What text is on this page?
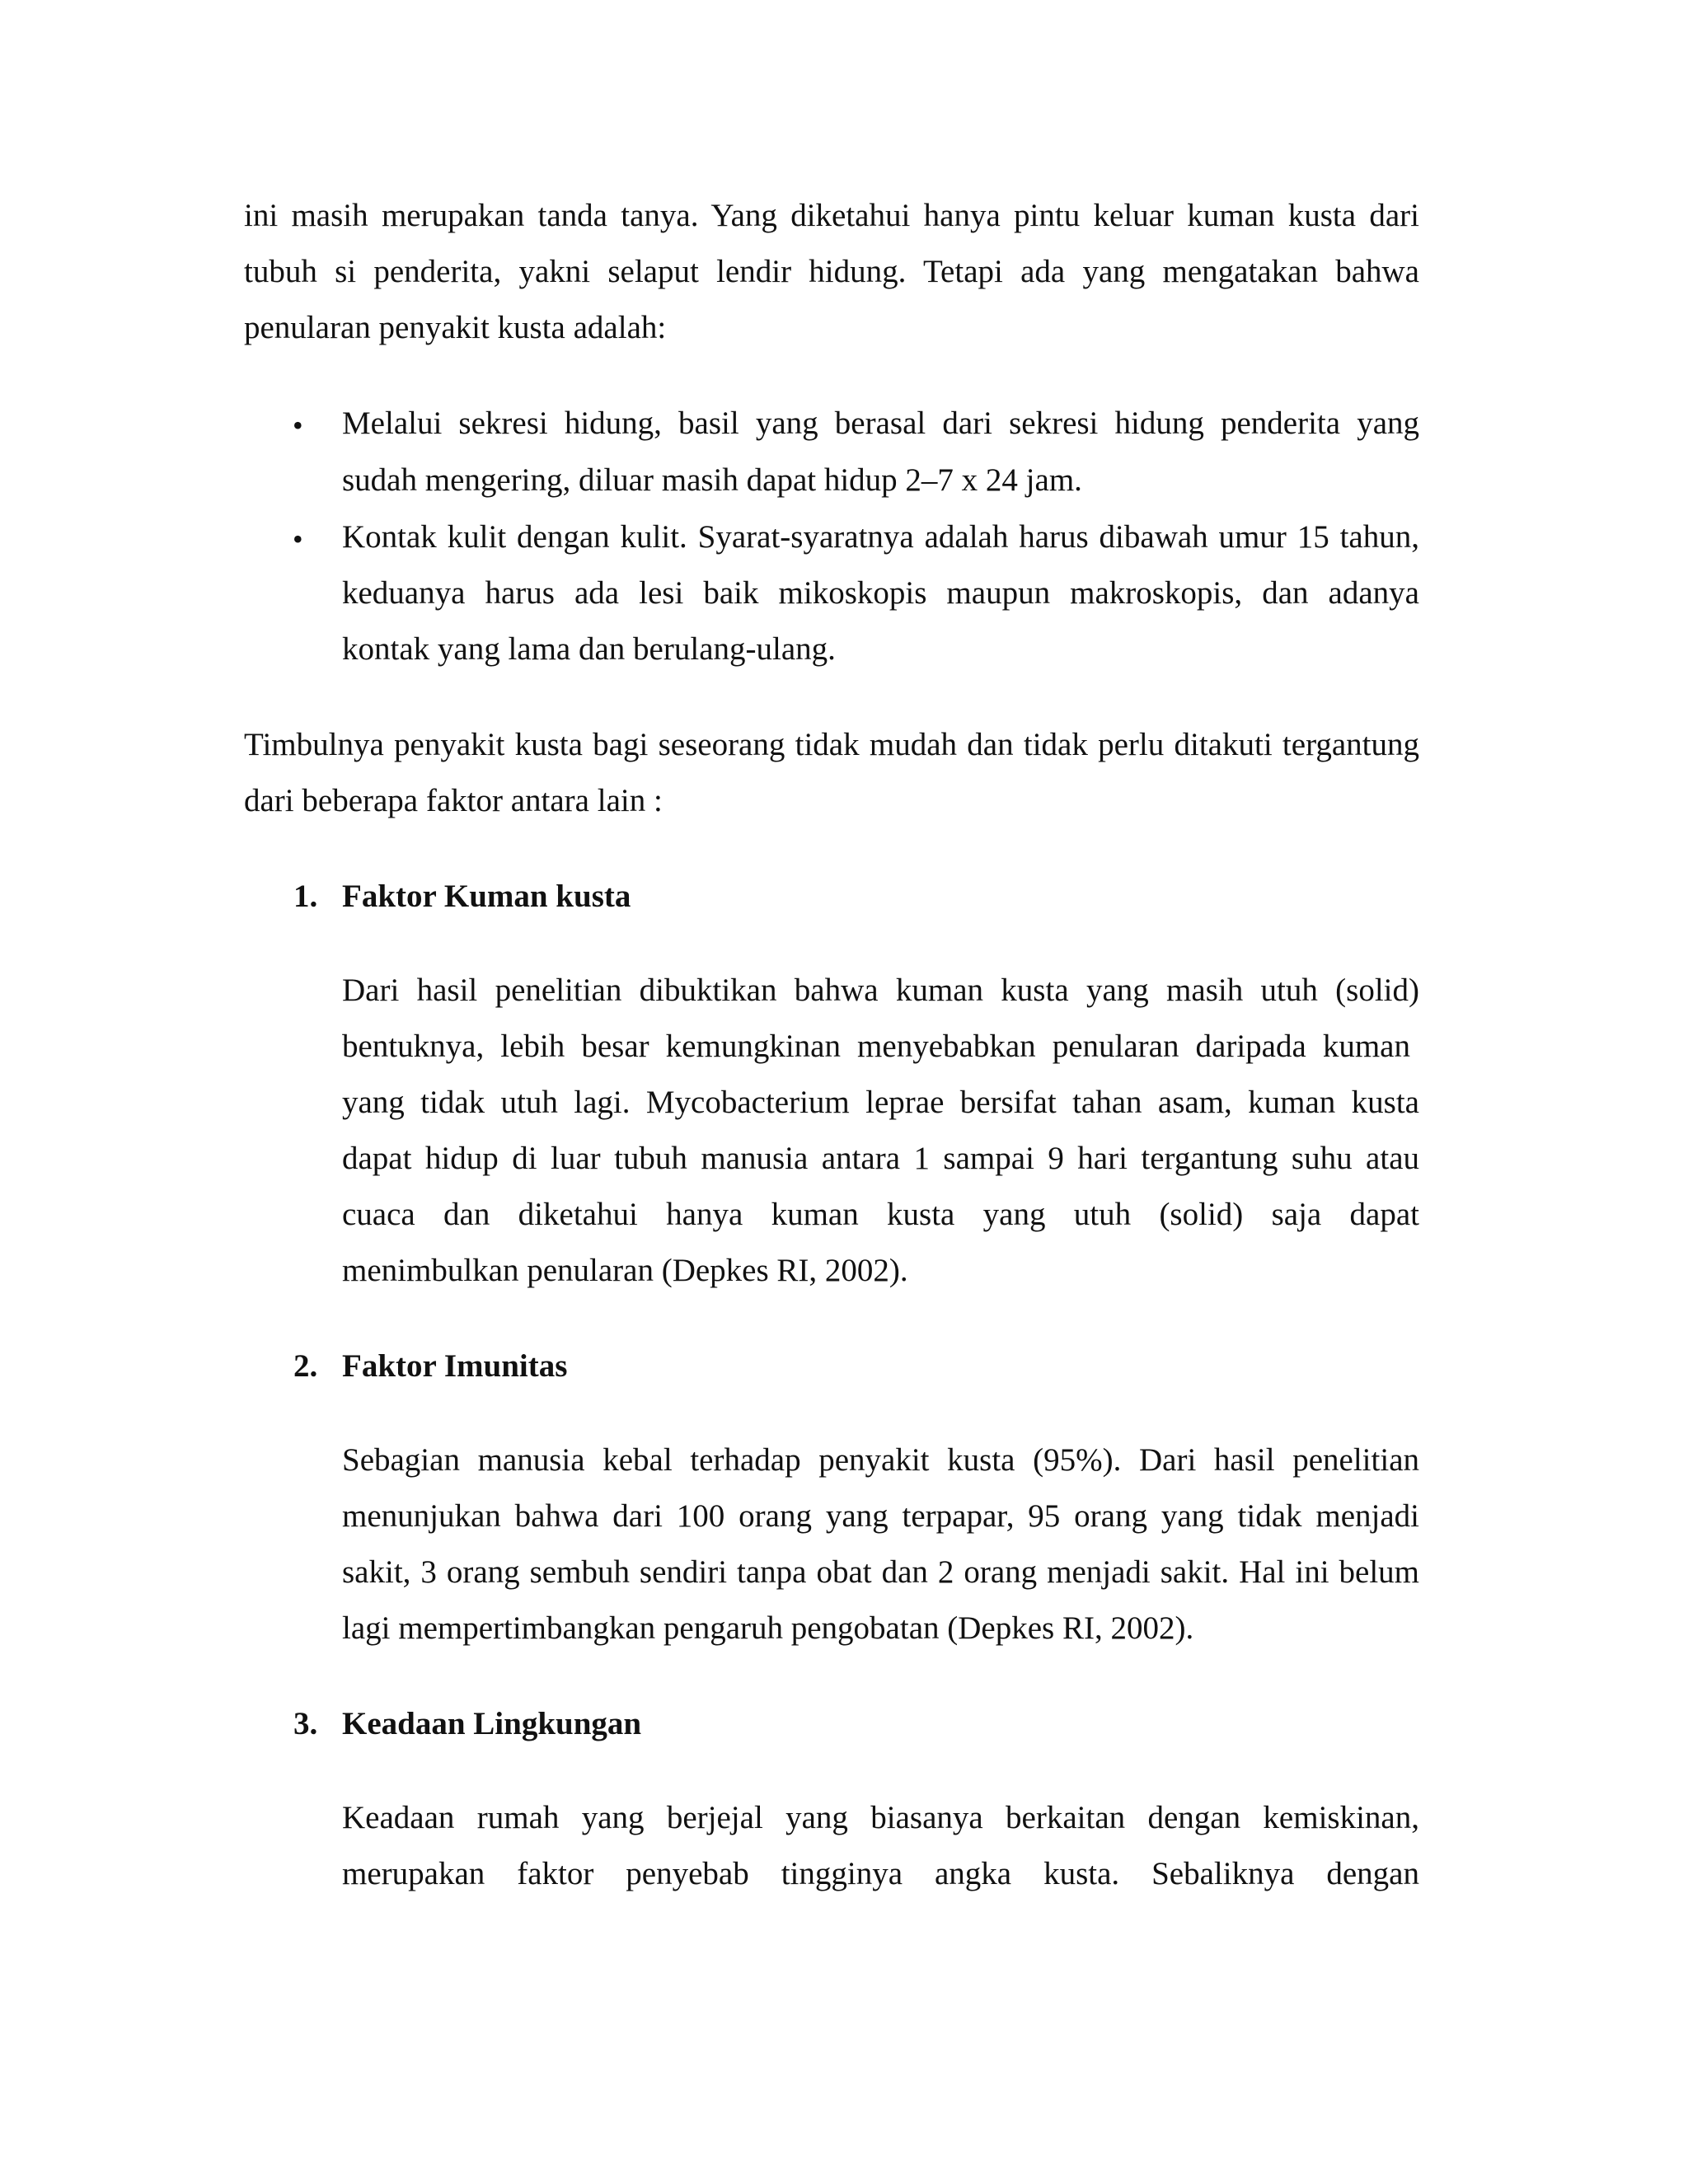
ini masih merupakan tanda tanya. Yang diketahui hanya pintu keluar kuman kusta dari
tubuh si penderita, yakni selaput lendir hidung. Tetapi ada yang mengatakan bahwa
penularan penyakit kusta adalah:
• Melalui sekresi hidung, basil yang berasal dari sekresi hidung penderita yang
sudah mengering, diluar masih dapat hidup 2–7 x 24 jam.
• Kontak kulit dengan kulit. Syarat-syaratnya adalah harus dibawah umur 15 tahun,
keduanya harus ada lesi baik mikoskopis maupun makroskopis, dan adanya
kontak yang lama dan berulang-ulang.
Timbulnya penyakit kusta bagi seseorang tidak mudah dan tidak perlu ditakuti tergantung
dari beberapa faktor antara lain :
1. Faktor Kuman kusta
Dari hasil penelitian dibuktikan bahwa kuman kusta yang masih utuh (solid)
bentuknya, lebih besar kemungkinan menyebabkan penularan daripada kuman
yang tidak utuh lagi. Mycobacterium leprae bersifat tahan asam, kuman kusta
dapat hidup di luar tubuh manusia antara 1 sampai 9 hari tergantung suhu atau
cuaca dan diketahui hanya kuman kusta yang utuh (solid) saja dapat
menimbulkan penularan (Depkes RI, 2002).
2. Faktor Imunitas
Sebagian manusia kebal terhadap penyakit kusta (95%). Dari hasil penelitian
menunjukan bahwa dari 100 orang yang terpapar, 95 orang yang tidak menjadi
sakit, 3 orang sembuh sendiri tanpa obat dan 2 orang menjadi sakit. Hal ini belum
lagi mempertimbangkan pengaruh pengobatan (Depkes RI, 2002).
3. Keadaan Lingkungan
Keadaan rumah yang berjejal yang biasanya berkaitan dengan kemiskinan,
merupakan faktor penyebab tingginya angka kusta. Sebaliknya dengan
